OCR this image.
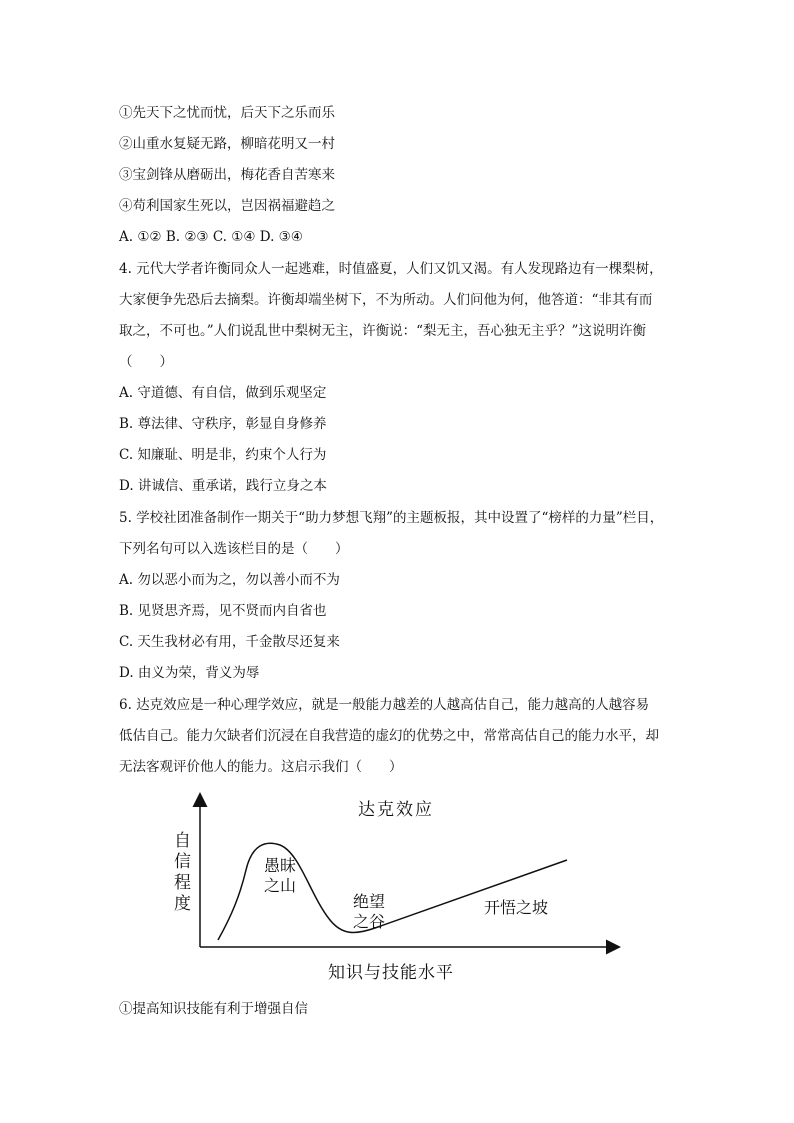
①先天下之忧而忧，后天下之乐而乐
②山重水复疑无路，柳暗花明又一村
③宝剑锋从磨砺出，梅花香自苦寒来
④苟利国家生死以，岂因祸福避趋之
A. ①② B. ②③ C. ①④ D. ③④
4. 元代大学者许衡同众人一起逃难，时值盛夏，人们又饥又渴。有人发现路边有一棵梨树，
大家便争先恐后去摘梨。许衡却端坐树下，不为所动。人们问他为何，他答道：“非其有而
取之，不可也。”人们说乱世中梨树无主，许衡说：“梨无主，吾心独无主乎？”这说明许衡
（　　）
A. 守道德、有自信，做到乐观坚定
B. 尊法律、守秩序，彰显自身修养
C. 知廉耻、明是非，约束个人行为
D. 讲诚信、重承诺，践行立身之本
5. 学校社团准备制作一期关于“助力梦想飞翔”的主题板报，其中设置了“榜样的力量”栏目，
下列名句可以入选该栏目的是（　　）
A. 勿以恶小而为之，勿以善小而不为
B. 见贤思齐焉，见不贤而内自省也
C. 天生我材必有用，千金散尽还复来
D. 由义为荣，背义为辱
6. 达克效应是一种心理学效应，就是一般能力越差的人越高估自己，能力越高的人越容易
低估自己。能力欠缺者们沉浸在自我营造的虚幻的优势之中，常常高估自己的能力水平，却
无法客观评价他人的能力。这启示我们（　　）
达克效应
自
信
程
度
愚昧
之山
绝望
之谷
开悟之坡
知识与技能水平
①提高知识技能有利于增强自信
